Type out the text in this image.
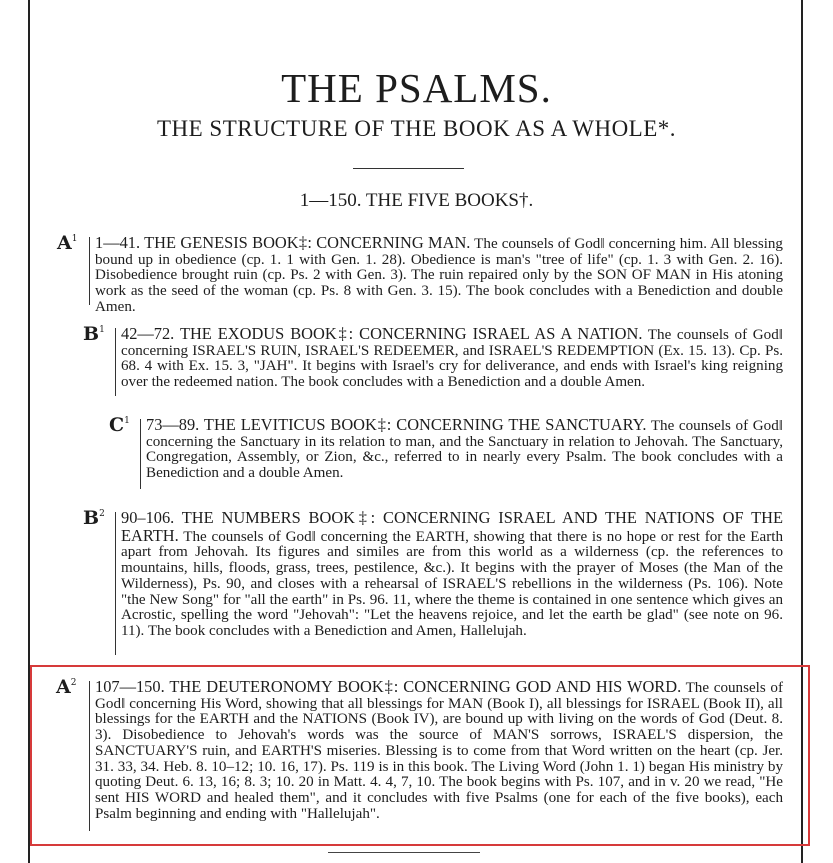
THE PSALMS.
THE STRUCTURE OF THE BOOK AS A WHOLE*.
1—150. THE FIVE BOOKS†.
$A^1$ 1—41. THE GENESIS BOOK‡: CONCERNING MAN. The counsels of God‖ concerning him. All blessing bound up in obedience (cp. 1. 1 with Gen. 1. 28). Obedience is man's "tree of life" (cp. 1. 3 with Gen. 2. 16). Disobedience brought ruin (cp. Ps. 2 with Gen. 3). The ruin repaired only by the SON OF MAN in His atoning work as the seed of the woman (cp. Ps. 8 with Gen. 3. 15). The book concludes with a Benediction and double Amen.
$B^1$ 42—72. THE EXODUS BOOK‡: CONCERNING ISRAEL AS A NATION. The counsels of God‖ concerning ISRAEL'S RUIN, ISRAEL'S REDEEMER, and ISRAEL'S REDEMPTION (Ex. 15. 13). Cp. Ps. 68. 4 with Ex. 15. 3, "JAH". It begins with Israel's cry for deliverance, and ends with Israel's king reigning over the redeemed nation. The book concludes with a Benediction and a double Amen.
$C^1$ 73—89. THE LEVITICUS BOOK‡: CONCERNING THE SANCTUARY. The counsels of God‖ concerning the Sanctuary in its relation to man, and the Sanctuary in relation to Jehovah. The Sanctuary, Congregation, Assembly, or Zion, &c., referred to in nearly every Psalm. The book concludes with a Benediction and a double Amen.
$B^2$ 90–106. THE NUMBERS BOOK‡: CONCERNING ISRAEL AND THE NATIONS OF THE EARTH. The counsels of God‖ concerning the EARTH, showing that there is no hope or rest for the Earth apart from Jehovah. Its figures and similes are from this world as a wilderness (cp. the references to mountains, hills, floods, grass, trees, pestilence, &c.). It begins with the prayer of Moses (the Man of the Wilderness), Ps. 90, and closes with a rehearsal of ISRAEL'S rebellions in the wilderness (Ps. 106). Note "the New Song" for "all the earth" in Ps. 96. 11, where the theme is contained in one sentence which gives an Acrostic, spelling the word "Jehovah": "Let the heavens rejoice, and let the earth be glad" (see note on 96. 11). The book concludes with a Benediction and Amen, Hallelujah.
$A^2$ 107—150. THE DEUTERONOMY BOOK‡: CONCERNING GOD AND HIS WORD. The counsels of God‖ concerning His Word, showing that all blessings for MAN (Book I), all blessings for ISRAEL (Book II), all blessings for the EARTH and the NATIONS (Book IV), are bound up with living on the words of God (Deut. 8. 3). Disobedience to Jehovah's words was the source of MAN'S sorrows, ISRAEL'S dispersion, the SANCTUARY'S ruin, and EARTH'S miseries. Blessing is to come from that Word written on the heart (cp. Jer. 31. 33, 34. Heb. 8. 10–12; 10. 16, 17). Ps. 119 is in this book. The Living Word (John 1. 1) began His ministry by quoting Deut. 6. 13, 16; 8. 3; 10. 20 in Matt. 4. 4, 7, 10. The book begins with Ps. 107, and in v. 20 we read, "He sent HIS WORD and healed them", and it concludes with five Psalms (one for each of the five books), each Psalm beginning and ending with "Hallelujah".
